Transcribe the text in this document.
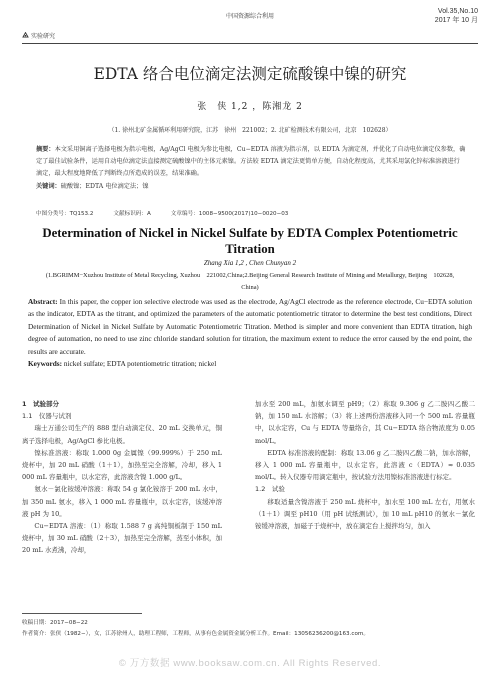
中国资源综合利用
Vol.35,No.10
2017 年 10 月
实验研究
EDTA 络合电位滴定法测定硫酸镍中镍的研究
张　侠 1,2 ，陈湘龙 2
（1. 徐州北矿金属循环利用研究院，江苏　徐州　221002；2. 北矿检测技术有限公司，北京　102628）

摘要：本文采用铜离子选择电极为指示电极，Ag/AgCl 电极为参比电极，Cu−EDTA 溶液为指示剂，以 EDTA 为滴定剂，并优化了自动电位滴定仪参数，确定了最佳试验条件，运用自动电位滴定法直接测定硫酸镍中的主体元素镍。方法较 EDTA 滴定法更简单方便，自动化程度高，尤其采用氯化锌标准溶液进行滴定，最大程度地降低了判断终点所造成的误差，结果准确。

关键词：硫酸镍；EDTA 电位滴定法；镍

中图分类号：TQ153.2	文献标识码：A	文章编号：1008−9500(2017)10−0020−03
Determination of Nickel in Nickel Sulfate by EDTA Complex Potentiometric Titration
Zhang Xia 1,2 , Chen Chunyan 2
(1.BGRIMM−Xuzhou Institute of Metal Recycling, Xuzhou　221002,China;2.Beijing General Research Institute of Mining and Metallurgy, Beijing　102628, China)

Abstract: In this paper, the copper ion selective electrode was used as the electrode, Ag/AgCl electrode as the reference electrode, Cu−EDTA solution as the indicator, EDTA as the titrant, and optimized the parameters of the automatic potentiometric titrator to determine the best test conditions, Direct Determination of Nickel in Nickel Sulfate by Automatic Potentiometric Titration. Method is simpler and more convenient than EDTA titration, high degree of automation, no need to use zinc chloride standard solution for titration, the maximum extent to reduce the error caused by the end point, the results are accurate.

Keywords: nickel sulfate; EDTA potentiometric titration; nickel

1　试验部分

1.1　仪器与试剂

瑞士万通公司生产的 888 型自动滴定仪、20 mL 交换单元，铜离子选择电极，Ag/AgCl 参比电极。

镍标准溶液：称取 1.000 0g 金属镍（99.999%）于 250 mL 烧杯中，加 20 mL 硝酸（1＋1），加热至完全溶解，冷却，移入 1 000 mL 容量瓶中，以水定容，此溶液含镍 1.000 g/L。

氨水－氯化铵缓冲溶液：称取 54 g 氯化铵溶于 200 mL 水中，加 350 mL 氨水，移入 1 000 mL 容量瓶中，以水定容，该缓冲溶液 pH 为 10。

Cu−EDTA 溶液：（1）称取 1.588 7 g 高纯铜板制于 150 mL 烧杯中，加 30 mL 硝酸（2＋3），加热至完全溶解，蒸至小体积，加 20 mL 水煮沸，冷却，

加水至 200 mL，加氨水调至 pH9；（2）称取 9.306 g 乙二胺四乙酸二钠，加 150 mL 水溶解；（3）将上述两份溶液移入同一个 500 mL 容量瓶中，以水定容，Cu 与 EDTA 等量络合，其 Cu−EDTA 络合物浓度为 0.05 mol/L。

EDTA 标准溶液的配制：称取 13.06 g 乙二胺四乙酸二钠，加水溶解，移入 1 000 mL 容量瓶中，以水定容，此溶液 c（EDTA）≈ 0.035 mol/L。转入仪器专用滴定瓶中，按试验方法用镍标准溶液进行标定。

1.2　试验

移取适量含镍溶液于 250 mL 烧杯中，加水至 100 mL 左右，用氨水（1＋1）调至 pH10（用 pH 试纸测试），加 10 mL pH10 的氨水－氯化铵缓冲溶液，加磁子于烧杯中，放在滴定台上搅拌均匀，加入

收稿日期：2017−08−22
作者简介：张侠（1982−），女，江苏徐州人，助理工程师，工程师，从事有色金属资金属分析工作。Email：13056236200@163.com。
© 万方数据 www.booksaw.com.cn. All Rights Reserved.
